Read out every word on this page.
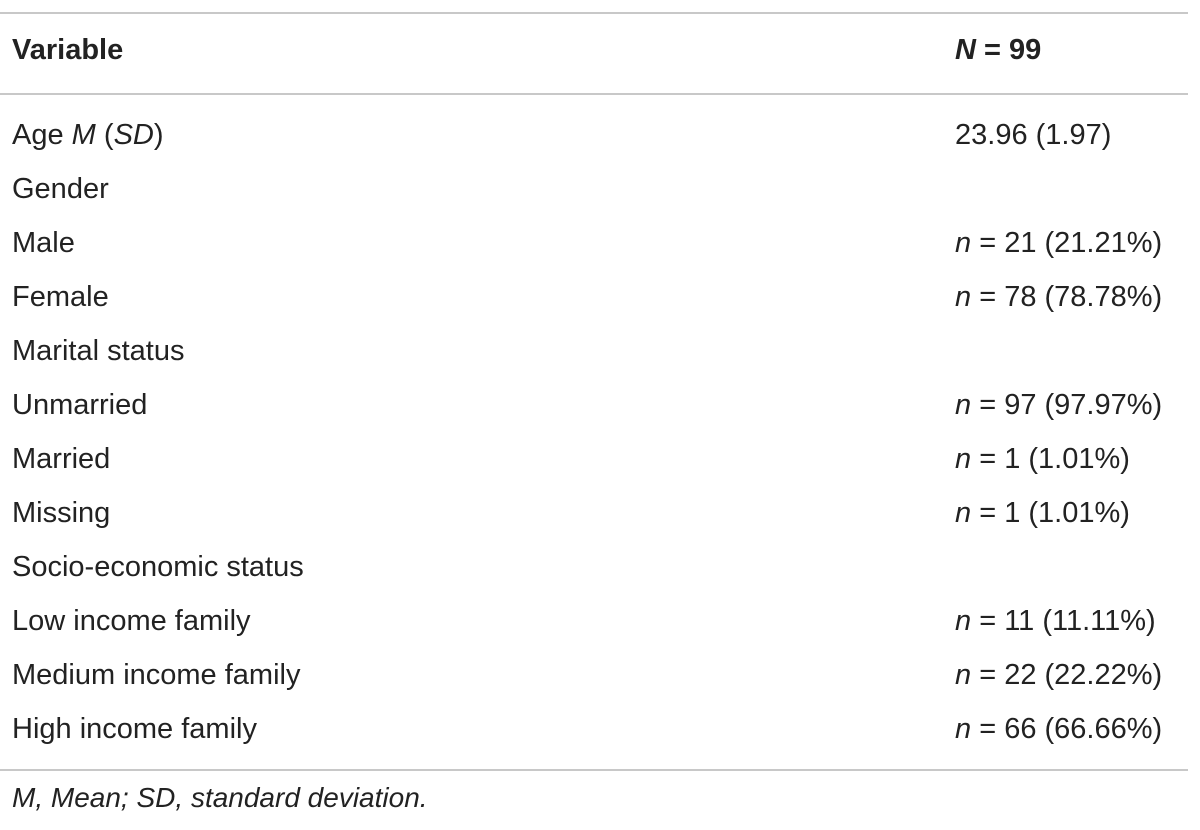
Variable	N = 99
Age M (SD)	23.96 (1.97)
Gender
Male	n = 21 (21.21%)
Female	n = 78 (78.78%)
Marital status
Unmarried	n = 97 (97.97%)
Married	n = 1 (1.01%)
Missing	n = 1 (1.01%)
Socio-economic status
Low income family	n = 11 (11.11%)
Medium income family	n = 22 (22.22%)
High income family	n = 66 (66.66%)
M, Mean; SD, standard deviation.
